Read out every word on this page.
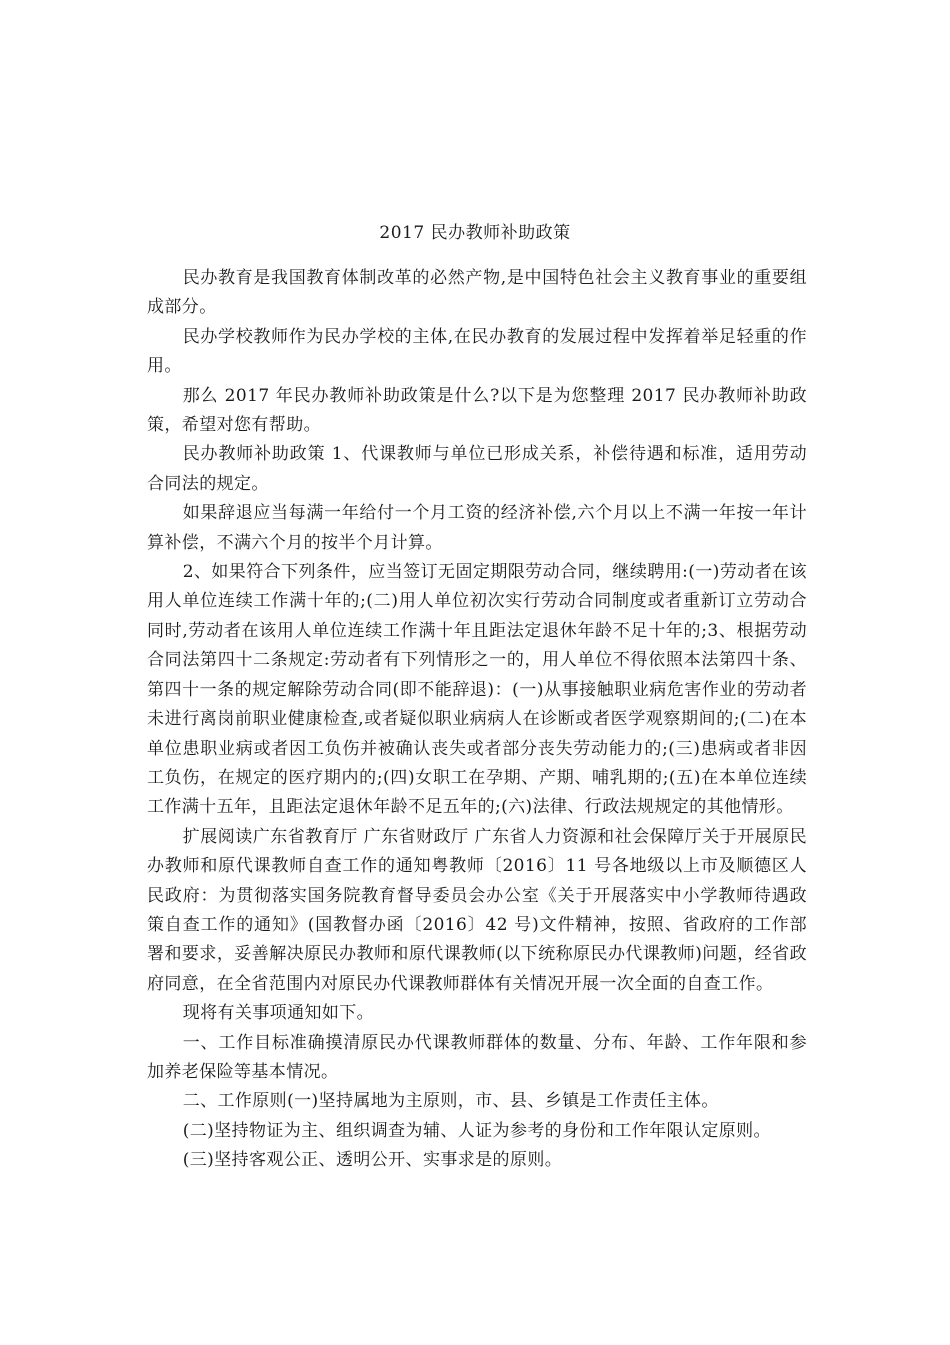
2017 民办教师补助政策

民办教育是我国教育体制改革的必然产物,是中国特色社会主义教育事业的重要组成部分。

民办学校教师作为民办学校的主体,在民办教育的发展过程中发挥着举足轻重的作用。

那么 2017 年民办教师补助政策是什么?以下是为您整理 2017 民办教师补助政策，希望对您有帮助。

民办教师补助政策 1、代课教师与单位已形成关系，补偿待遇和标准，适用劳动合同法的规定。

如果辞退应当每满一年给付一个月工资的经济补偿,六个月以上不满一年按一年计算补偿，不满六个月的按半个月计算。

2、如果符合下列条件，应当签订无固定期限劳动合同，继续聘用:(一)劳动者在该用人单位连续工作满十年的;(二)用人单位初次实行劳动合同制度或者重新订立劳动合同时,劳动者在该用人单位连续工作满十年且距法定退休年龄不足十年的;3、根据劳动合同法第四十二条规定:劳动者有下列情形之一的，用人单位不得依照本法第四十条、第四十一条的规定解除劳动合同(即不能辞退)：(一)从事接触职业病危害作业的劳动者未进行离岗前职业健康检查,或者疑似职业病病人在诊断或者医学观察期间的;(二)在本单位患职业病或者因工负伤并被确认丧失或者部分丧失劳动能力的;(三)患病或者非因工负伤，在规定的医疗期内的;(四)女职工在孕期、产期、哺乳期的;(五)在本单位连续工作满十五年，且距法定退休年龄不足五年的;(六)法律、行政法规规定的其他情形。

扩展阅读广东省教育厅 广东省财政厅 广东省人力资源和社会保障厅关于开展原民办教师和原代课教师自查工作的通知粤教师〔2016〕11 号各地级以上市及顺德区人民政府：为贯彻落实国务院教育督导委员会办公室《关于开展落实中小学教师待遇政策自查工作的通知》(国教督办函〔2016〕42 号)文件精神，按照、省政府的工作部署和要求，妥善解决原民办教师和原代课教师(以下统称原民办代课教师)问题，经省政府同意，在全省范围内对原民办代课教师群体有关情况开展一次全面的自查工作。

现将有关事项通知如下。

一、工作目标准确摸清原民办代课教师群体的数量、分布、年龄、工作年限和参加养老保险等基本情况。

二、工作原则(一)坚持属地为主原则，市、县、乡镇是工作责任主体。

(二)坚持物证为主、组织调查为辅、人证为参考的身份和工作年限认定原则。

(三)坚持客观公正、透明公开、实事求是的原则。
